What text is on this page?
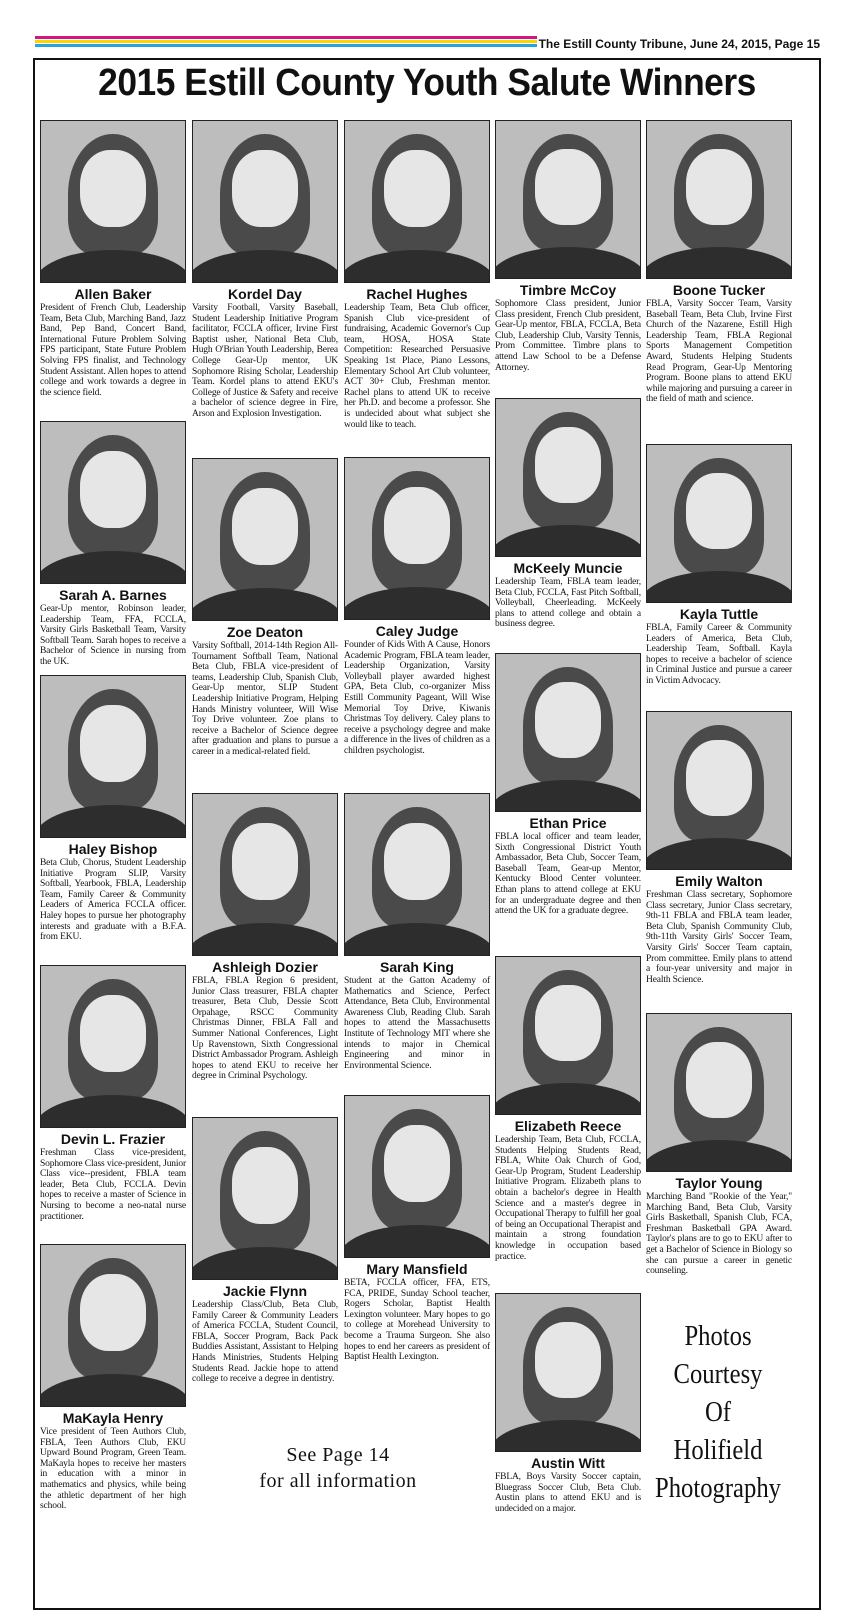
The Estill County Tribune, June 24, 2015, Page 15
2015 Estill County Youth Salute Winners
Allen Baker
President of French Club, Leadership Team, Beta Club, Marching Band, Jazz Band, Pep Band, Concert Band, International Future Problem Solving FPS participant, State Future Problem Solving FPS finalist, and Technology Student Assistant. Allen hopes to attend college and work towards a degree in the science field.
Sarah A. Barnes
Gear-Up mentor, Robinson leader, Leadership Team, FFA, FCCLA, Varsity Girls Basketball Team, Varsity Softball Team. Sarah hopes to receive a Bachelor of Science in nursing from the UK.
Haley Bishop
Beta Club, Chorus, Student Leadership Initiative Program SLIP, Varsity Softball, Yearbook, FBLA, Leadership Team, Family Career & Community Leaders of America FCCLA officer. Haley hopes to pursue her photography interests and graduate with a B.F.A. from EKU.
Devin L. Frazier
Freshman Class vice-president, Sophomore Class vice-president, Junior Class vice--president, FBLA team leader, Beta Club, FCCLA. Devin hopes to receive a master of Science in Nursing to become a neo-natal nurse practitioner.
MaKayla Henry
Vice president of Teen Authors Club, FBLA, Teen Authors Club, EKU Upward Bound Program, Green Team. MaKayla hopes to receive her masters in education with a minor in mathematics and physics, while being the athletic department of her high school.
Kordel Day
Varsity Football, Varsity Baseball, Student Leadership Initiative Program facilitator, FCCLA officer, Irvine First Baptist usher, National Beta Club, Hugh O'Brian Youth Leadership, Berea College Gear-Up mentor, UK Sophomore Rising Scholar, Leadership Team. Kordel plans to attend EKU's College of Justice & Safety and receive a bachelor of science degree in Fire, Arson and Explosion Investigation.
Zoe Deaton
Varsity Softball, 2014-14th Region All-Tournament Softball Team, National Beta Club, FBLA vice-president of teams, Leadership Club, Spanish Club, Gear-Up mentor, SLIP Student Leadership Initiative Program, Helping Hands Ministry volunteer, Will Wise Toy Drive volunteer. Zoe plans to receive a Bachelor of Science degree after graduation and plans to pursue a career in a medical-related field.
Ashleigh Dozier
FBLA, FBLA Region 6 president, Junior Class treasurer, FBLA chapter treasurer, Beta Club, Dessie Scott Orpahage, RSCC Community Christmas Dinner, FBLA Fall and Summer National Conferences, Light Up Ravenstown, Sixth Congressional District Ambassador Program. Ashleigh hopes to atend EKU to receive her degree in Criminal Psychology.
Jackie Flynn
Leadership Class/Club, Beta Club, Family Career & Community Leaders of America FCCLA, Student Council, FBLA, Soccer Program, Back Pack Buddies Assistant, Assistant to Helping Hands Ministries, Students Helping Students Read. Jackie hope to attend college to receive a degree in dentistry.
Rachel Hughes
Leadership Team, Beta Club officer, Spanish Club vice-president of fundraising, Academic Governor's Cup team, HOSA, HOSA State Competition: Researched Persuasive Speaking 1st Place, Piano Lessons, Elementary School Art Club volunteer, ACT 30+ Club, Freshman mentor. Rachel plans to attend UK to receive her Ph.D. and become a professor. She is undecided about what subject she would like to teach.
Caley Judge
Founder of Kids With A Cause, Honors Academic Program, FBLA team leader, Leadership Organization, Varsity Volleyball player awarded highest GPA, Beta Club, co-organizer Miss Estill Community Pageant, Will Wise Memorial Toy Drive, Kiwanis Christmas Toy delivery. Caley plans to receive a psychology degree and make a difference in the lives of children as a children psychologist.
Sarah King
Student at the Gatton Academy of Mathematics and Science, Perfect Attendance, Beta Club, Environmental Awareness Club, Reading Club. Sarah hopes to attend the Massachusetts Institute of Technology MIT where she intends to major in Chemical Engineering and minor in Environmental Science.
Mary Mansfield
BETA, FCCLA officer, FFA, ETS, FCA, PRIDE, Sunday School teacher, Rogers Scholar, Baptist Health Lexington volunteer. Mary hopes to go to college at Morehead University to become a Trauma Surgeon. She also hopes to end her careers as president of Baptist Health Lexington.
Timbre McCoy
Sophomore Class president, Junior Class president, French Club president, Gear-Up mentor, FBLA, FCCLA, Beta Club, Leadership Club, Varsity Tennis, Prom Committee. Timbre plans to attend Law School to be a Defense Attorney.
McKeely Muncie
Leadership Team, FBLA team leader, Beta Club, FCCLA, Fast Pitch Softball, Volleyball, Cheerleading. McKeely plans to attend college and obtain a business degree.
Ethan Price
FBLA local officer and team leader, Sixth Congressional District Youth Ambassador, Beta Club, Soccer Team, Baseball Team, Gear-up Mentor, Kentucky Blood Center volunteer. Ethan plans to attend college at EKU for an undergraduate degree and then attend the UK for a graduate degree.
Elizabeth Reece
Leadership Team, Beta Club, FCCLA, Students Helping Students Read, FBLA, White Oak Church of God, Gear-Up Program, Student Leadership Initiative Program. Elizabeth plans to obtain a bachelor's degree in Health Science and a master's degree in Occupational Therapy to fulfill her goal of being an Occupational Therapist and maintain a strong foundation knowledge in occupation based practice.
Austin Witt
FBLA, Boys Varsity Soccer captain, Bluegrass Soccer Club, Beta Club. Austin plans to attend EKU and is undecided on a major.
Boone Tucker
FBLA, Varsity Soccer Team, Varsity Baseball Team, Beta Club, Irvine First Church of the Nazarene, Estill High Leadership Team, FBLA Regional Sports Management Competition Award, Students Helping Students Read Program, Gear-Up Mentoring Program. Boone plans to attend EKU while majoring and pursuing a career in the field of math and science.
Kayla Tuttle
FBLA, Family Career & Community Leaders of America, Beta Club, Leadership Team, Softball. Kayla hopes to receive a bachelor of science in Criminal Justice and pursue a career in Victim Advocacy.
Emily Walton
Freshman Class secretary, Sophomore Class secretary, Junior Class secretary, 9th-11 FBLA and FBLA team leader, Beta Club, Spanish Community Club, 9th-11th Varsity Girls' Soccer Team, Varsity Girls' Soccer Team captain, Prom committee. Emily plans to attend a four-year university and major in Health Science.
Taylor Young
Marching Band "Rookie of the Year," Marching Band, Beta Club, Varsity Girls Basketball, Spanish Club, FCA, Freshman Basketball GPA Award. Taylor's plans are to go to EKU after to get a Bachelor of Science in Biology so she can pursue a career in genetic counseling.
See Page 14
for all information
Photos
Courtesy
Of
Holifield
Photography
